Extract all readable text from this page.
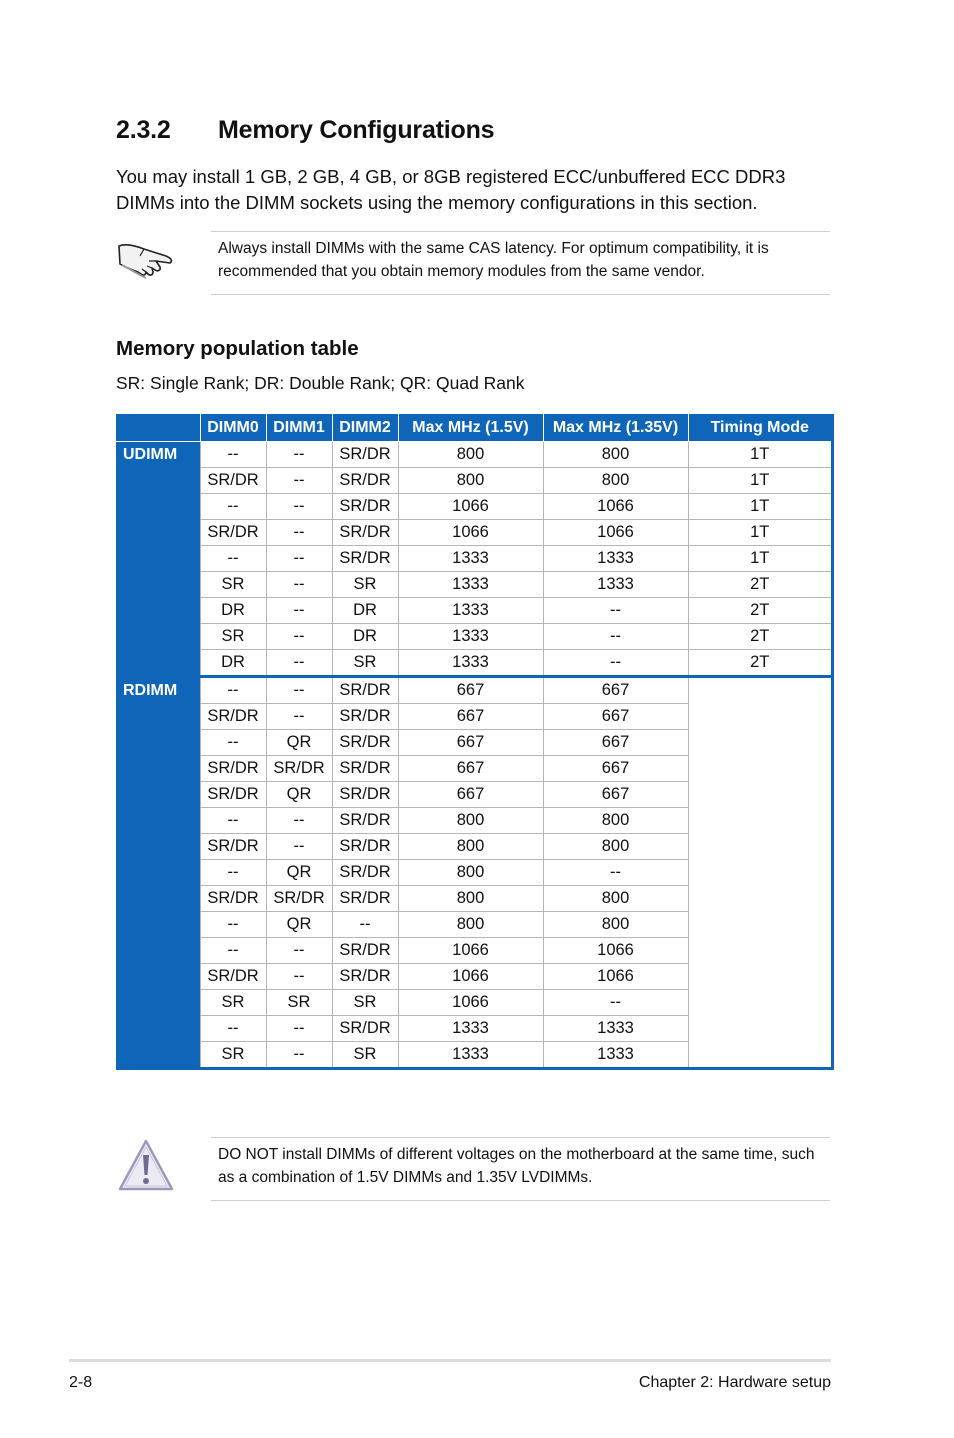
2.3.2 Memory Configurations
You may install 1 GB, 2 GB, 4 GB, or 8GB registered ECC/unbuffered ECC DDR3 DIMMs into the DIMM sockets using the memory configurations in this section.
Always install DIMMs with the same CAS latency. For optimum compatibility, it is recommended that you obtain memory modules from the same vendor.
Memory population table
SR: Single Rank; DR: Double Rank; QR: Quad Rank
	DIMM0	DIMM1	DIMM2	Max MHz (1.5V)	Max MHz (1.35V)	Timing Mode
UDIMM	--	--	SR/DR	800	800	1T
	SR/DR	--	SR/DR	800	800	1T
	--	--	SR/DR	1066	1066	1T
	SR/DR	--	SR/DR	1066	1066	1T
	--	--	SR/DR	1333	1333	1T
	SR	--	SR	1333	1333	2T
	DR	--	DR	1333	--	2T
	SR	--	DR	1333	--	2T
	DR	--	SR	1333	--	2T
RDIMM	--	--	SR/DR	667	667	
	SR/DR	--	SR/DR	667	667	
	--	QR	SR/DR	667	667	
	SR/DR	SR/DR	SR/DR	667	667	
	SR/DR	QR	SR/DR	667	667	
	--	--	SR/DR	800	800	
	SR/DR	--	SR/DR	800	800	
	--	QR	SR/DR	800	--	
	SR/DR	SR/DR	SR/DR	800	800	
	--	QR	--	800	800	
	--	--	SR/DR	1066	1066	
	SR/DR	--	SR/DR	1066	1066	
	SR	SR	SR	1066	--	
	--	--	SR/DR	1333	1333	
	SR	--	SR	1333	1333	
DO NOT install DIMMs of different voltages on the motherboard at the same time, such as a combination of 1.5V DIMMs and 1.35V LVDIMMs.
2-8	Chapter 2: Hardware setup
